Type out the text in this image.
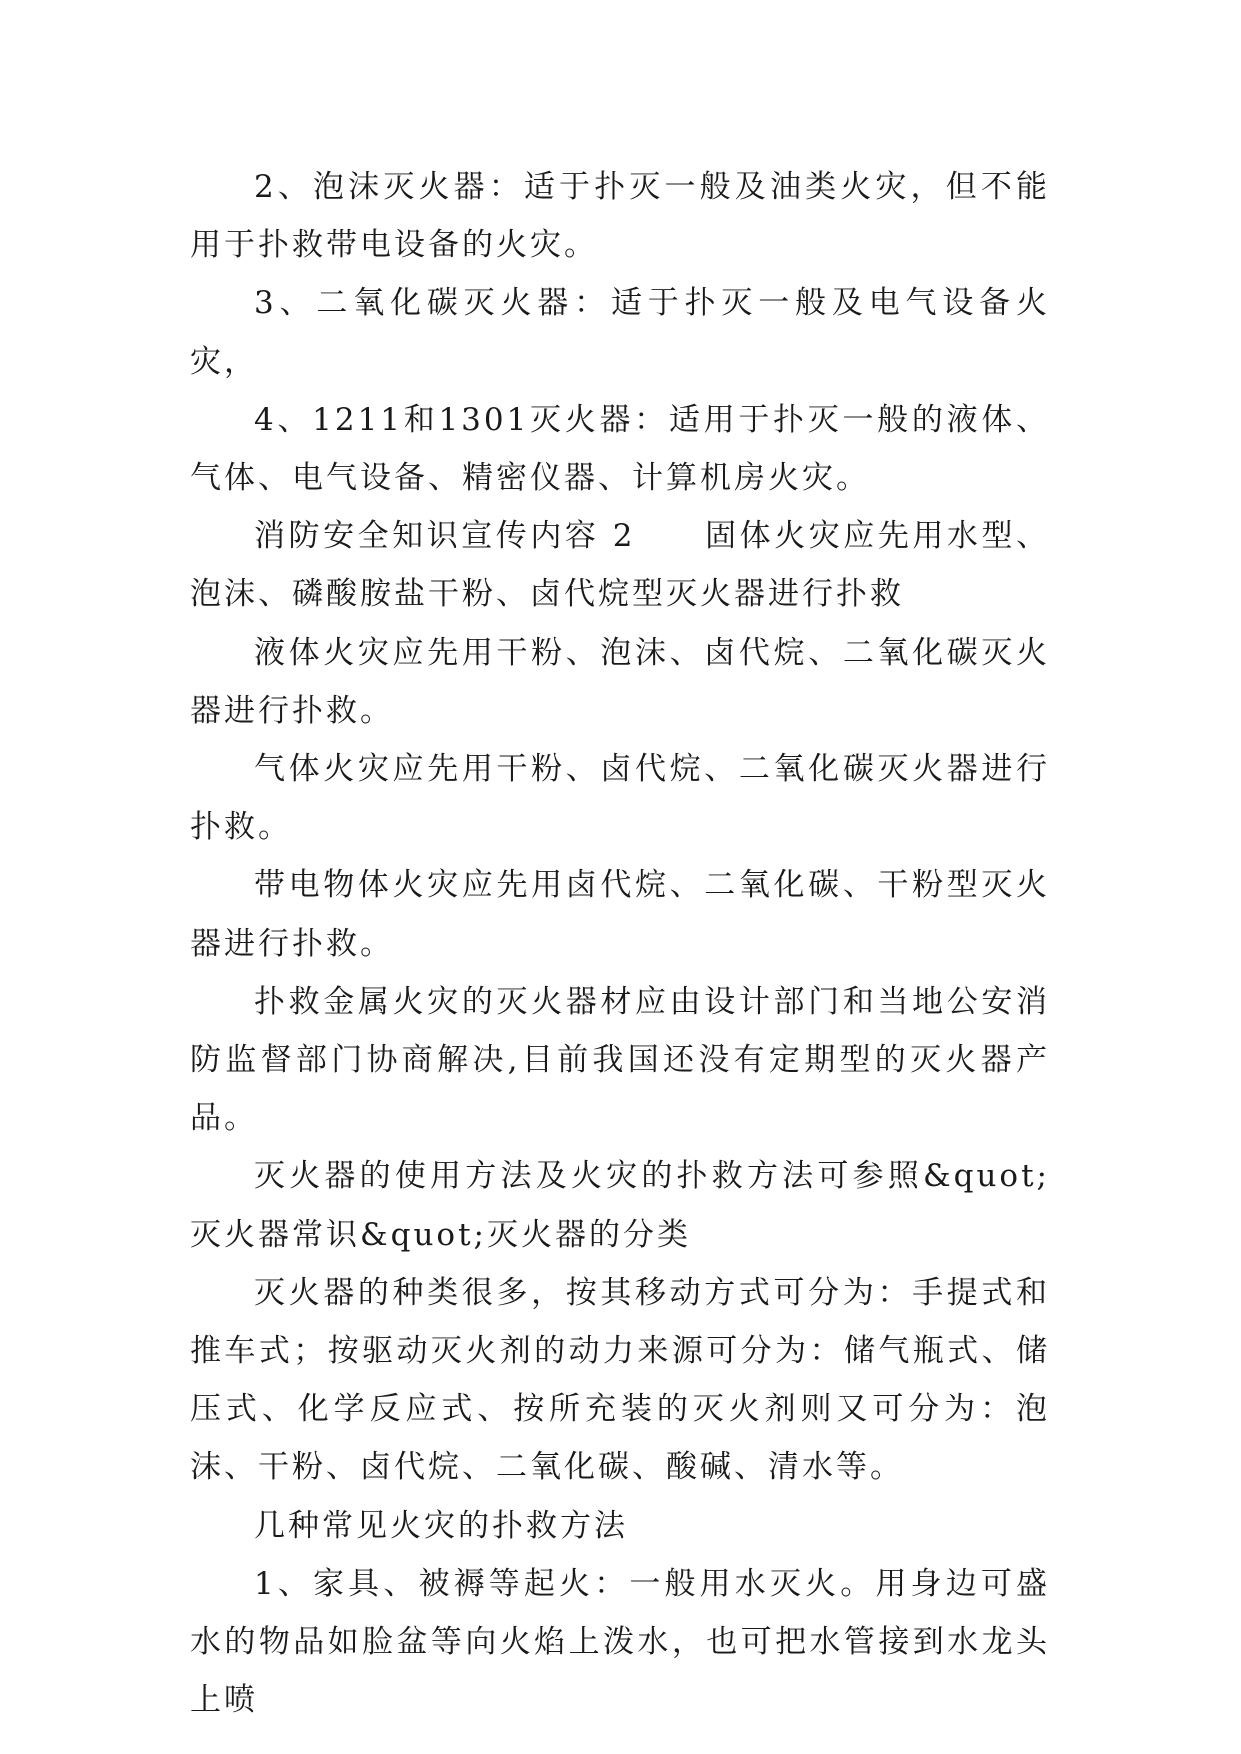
2、泡沫灭火器：适于扑灭一般及油类火灾，但不能用于扑救带电设备的火灾。

3、二氧化碳灭火器：适于扑灭一般及电气设备火灾，

4、1211和1301灭火器：适用于扑灭一般的液体、气体、电气设备、精密仪器、计算机房火灾。

消防安全知识宣传内容 2　　固体火灾应先用水型、泡沫、磷酸胺盐干粉、卤代烷型灭火器进行扑救

液体火灾应先用干粉、泡沫、卤代烷、二氧化碳灭火器进行扑救。

气体火灾应先用干粉、卤代烷、二氧化碳灭火器进行扑救。

带电物体火灾应先用卤代烷、二氧化碳、干粉型灭火器进行扑救。

扑救金属火灾的灭火器材应由设计部门和当地公安消防监督部门协商解决,目前我国还没有定期型的灭火器产品。

灭火器的使用方法及火灾的扑救方法可参照&quot;灭火器常识&quot;灭火器的分类

灭火器的种类很多，按其移动方式可分为：手提式和推车式；按驱动灭火剂的动力来源可分为：储气瓶式、储压式、化学反应式、按所充装的灭火剂则又可分为：泡沫、干粉、卤代烷、二氧化碳、酸碱、清水等。

几种常见火灾的扑救方法

1、家具、被褥等起火：一般用水灭火。用身边可盛水的物品如脸盆等向火焰上泼水，也可把水管接到水龙头上喷
